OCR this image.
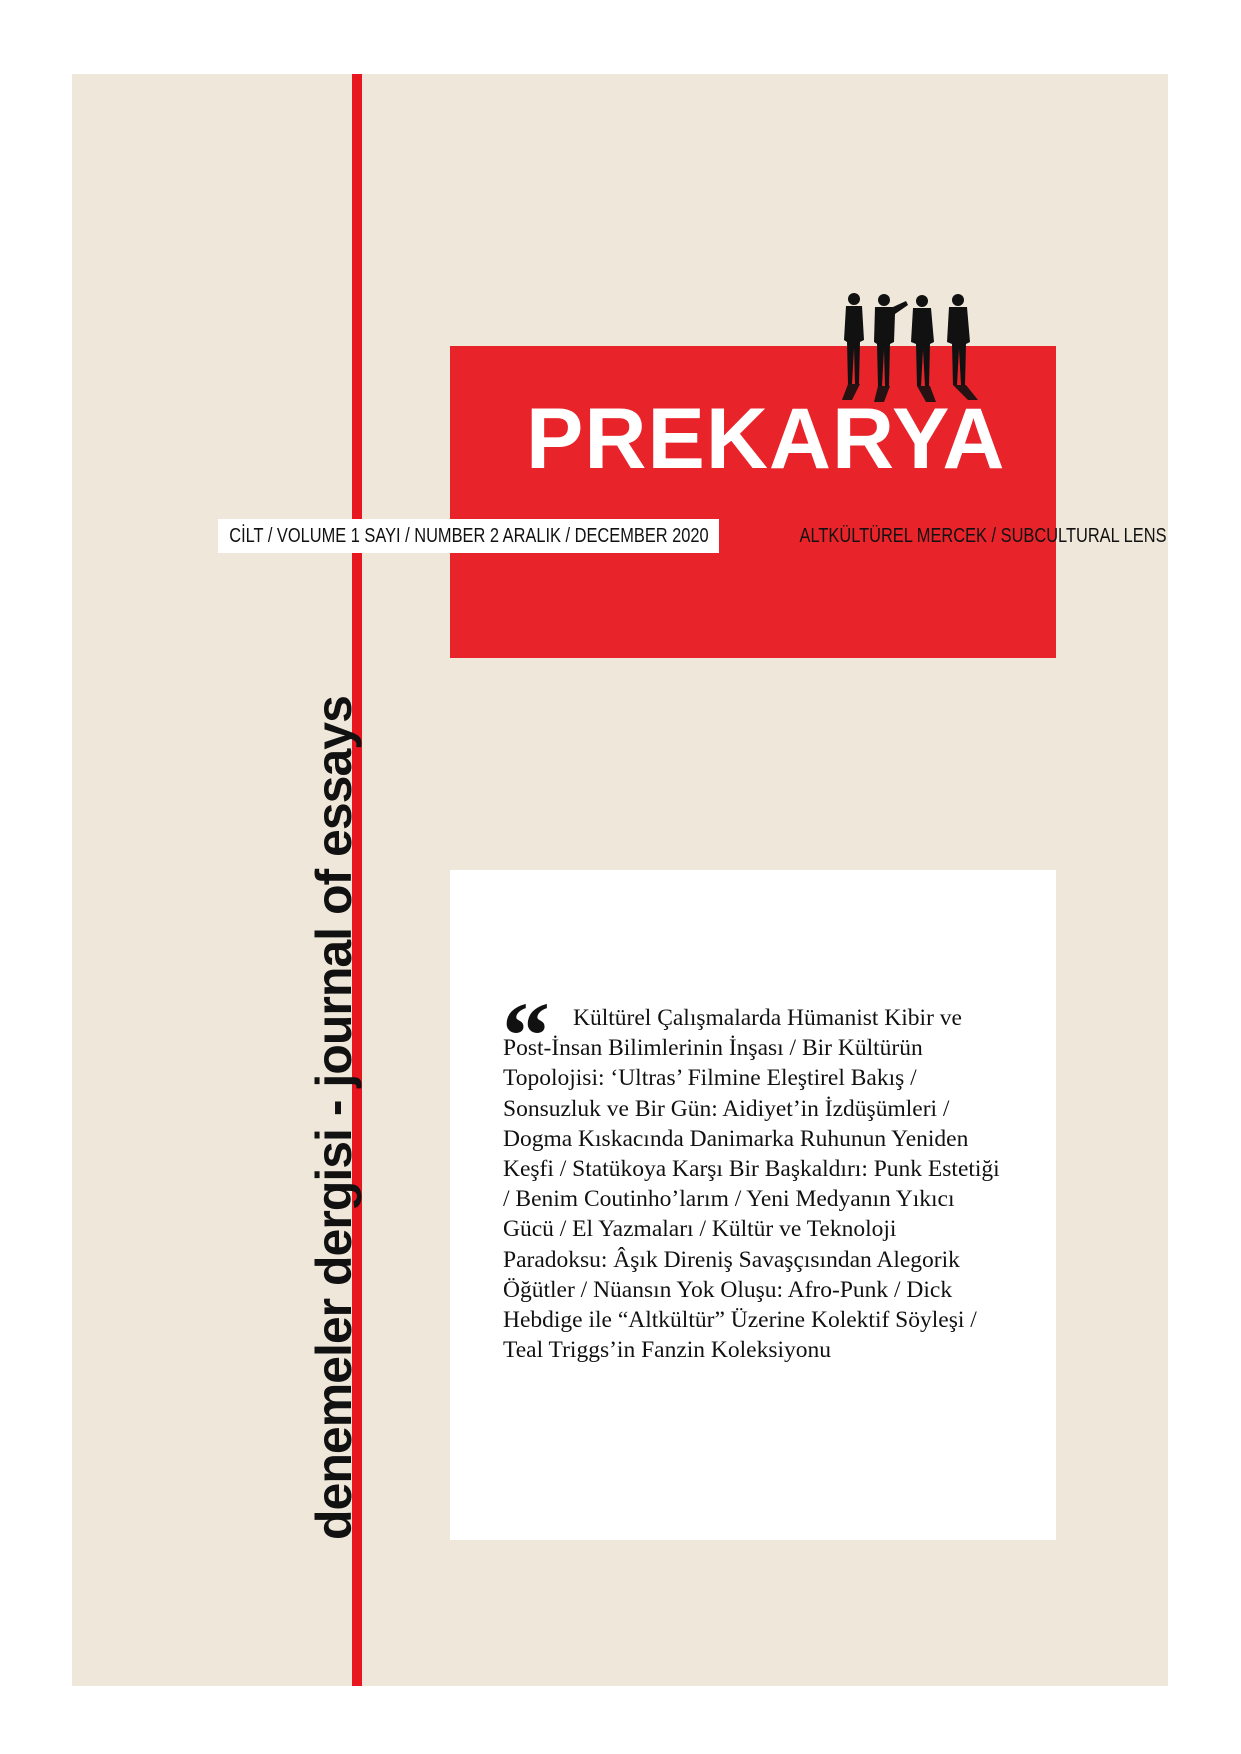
denemeler dergisi - journal of essays
PREKARYA
CİLT / VOLUME 1 SAYI / NUMBER 2 ARALIK / DECEMBER 2020	ALTKÜLTÜREL MERCEK / SUBCULTURAL LENS
“ Kültürel Çalışmalarda Hümanist Kibir ve Post-İnsan Bilimlerinin İnşası / Bir Kültürün Topolojisi: ‘Ultras’ Filmine Eleştirel Bakış / Sonsuzluk ve Bir Gün: Aidiyet’in İzdüşümleri / Dogma Kıskacında Danimarka Ruhunun Yeniden Keşfi / Statükoya Karşı Bir Başkaldırı: Punk Estetiği / Benim Coutinho’larım / Yeni Medyanın Yıkıcı Gücü / El Yazmaları / Kültür ve Teknoloji Paradoksu: Âşık Direniş Savaşçısından Alegorik Öğütler / Nüansın Yok Oluşu: Afro-Punk / Dick Hebdige ile “Altkültür” Üzerine Kolektif Söyleşi / Teal Triggs’in Fanzin Koleksiyonu
